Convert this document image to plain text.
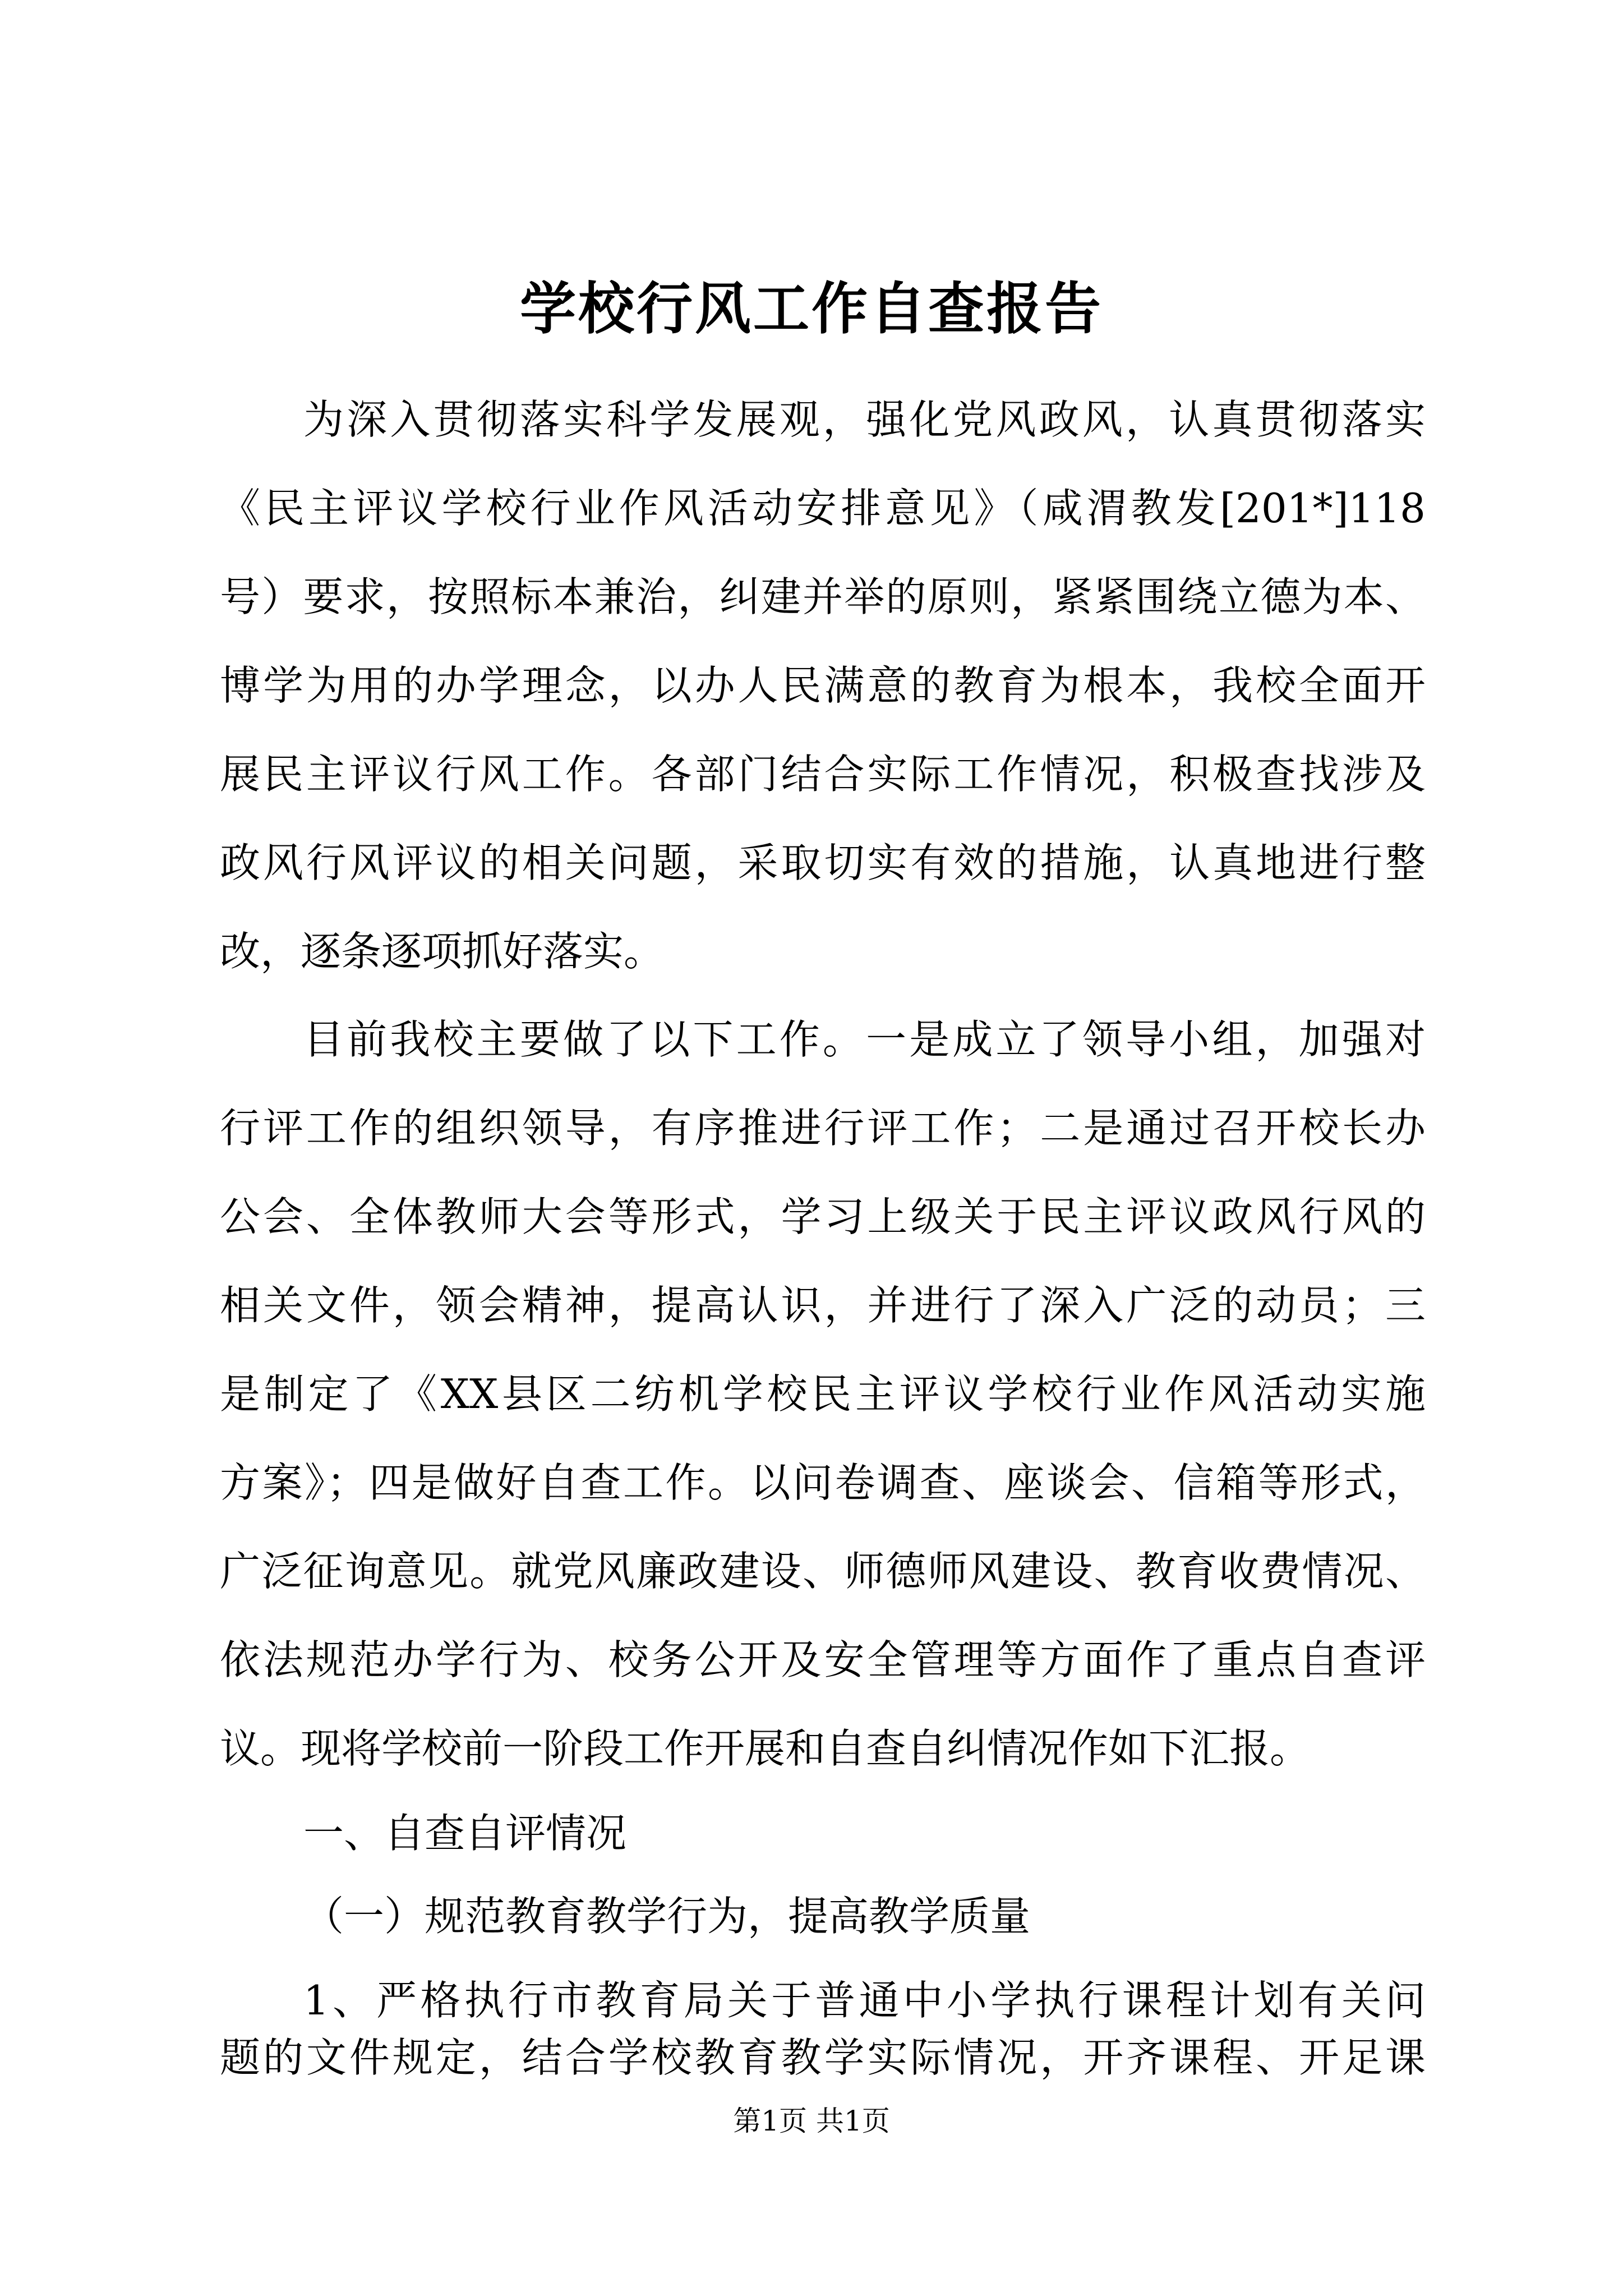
学校行风工作自查报告
为深入贯彻落实科学发展观，强化党风政风，认真贯彻落实
《民主评议学校行业作风活动安排意见》（咸渭教发[201*]118
号）要求，按照标本兼治，纠建并举的原则，紧紧围绕立德为本、
博学为用的办学理念，以办人民满意的教育为根本，我校全面开
展民主评议行风工作。各部门结合实际工作情况，积极查找涉及
政风行风评议的相关问题，采取切实有效的措施，认真地进行整
改，逐条逐项抓好落实。
目前我校主要做了以下工作。一是成立了领导小组，加强对
行评工作的组织领导，有序推进行评工作；二是通过召开校长办
公会、全体教师大会等形式，学习上级关于民主评议政风行风的
相关文件，领会精神，提高认识，并进行了深入广泛的动员；三
是制定了《XX县区二纺机学校民主评议学校行业作风活动实施
方案》；四是做好自查工作。以问卷调查、座谈会、信箱等形式，
广泛征询意见。就党风廉政建设、师德师风建设、教育收费情况、
依法规范办学行为、校务公开及安全管理等方面作了重点自查评
议。现将学校前一阶段工作开展和自查自纠情况作如下汇报。
一、自查自评情况
（一）规范教育教学行为，提高教学质量
1、严格执行市教育局关于普通中小学执行课程计划有关问
题的文件规定，结合学校教育教学实际情况，开齐课程、开足课
第1页 共1页
